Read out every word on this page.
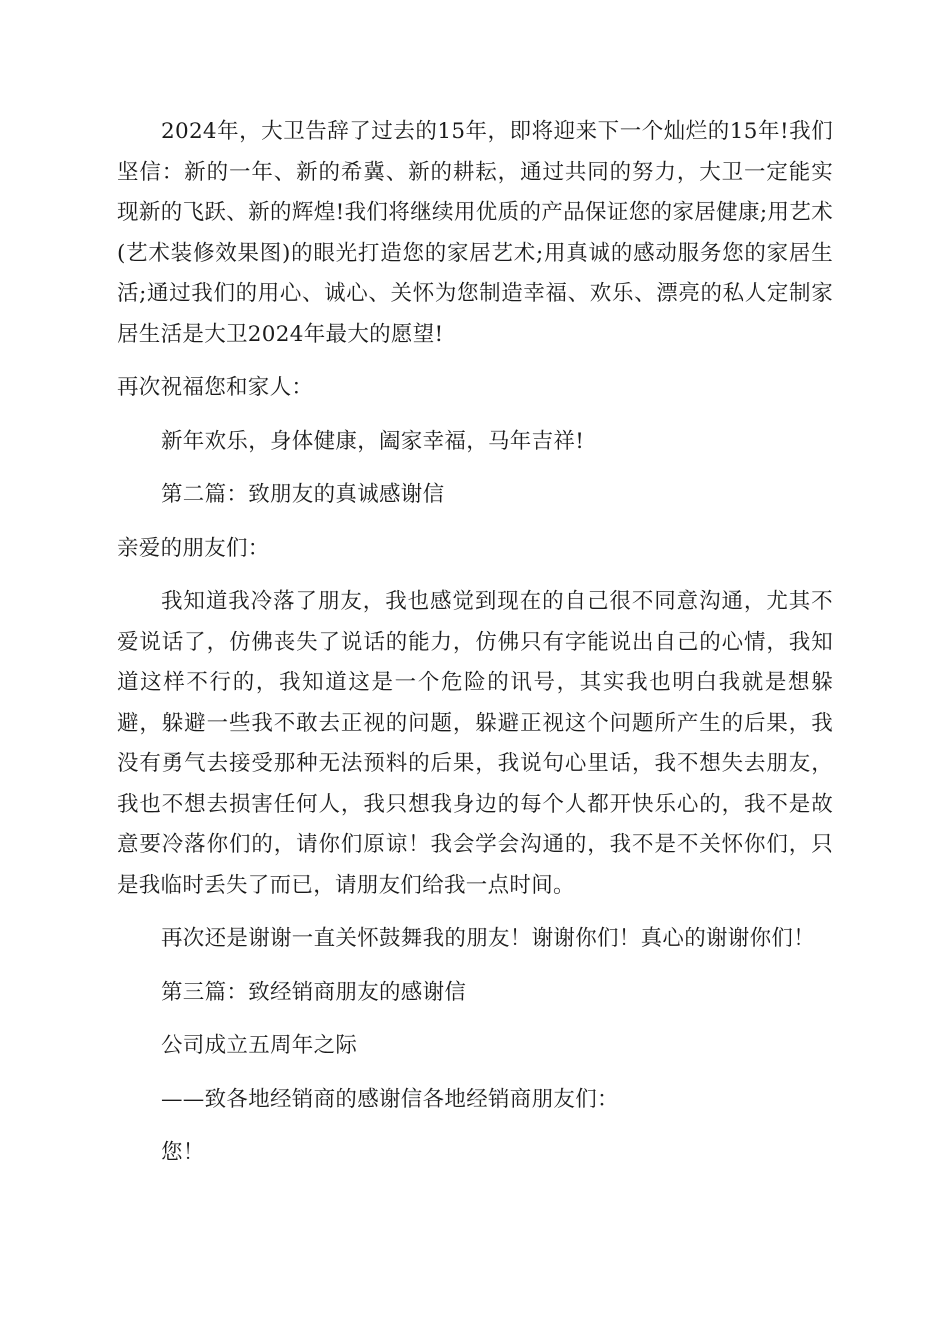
2024年，大卫告辞了过去的15年，即将迎来下一个灿烂的15年!我们坚信：新的一年、新的希冀、新的耕耘，通过共同的努力，大卫一定能实现新的飞跃、新的辉煌!我们将继续用优质的产品保证您的家居健康;用艺术(艺术装修效果图)的眼光打造您的家居艺术;用真诚的感动服务您的家居生活;通过我们的用心、诚心、关怀为您制造幸福、欢乐、漂亮的私人定制家居生活是大卫2024年最大的愿望!

再次祝福您和家人：

新年欢乐，身体健康，阖家幸福，马年吉祥!

第二篇：致朋友的真诚感谢信

亲爱的朋友们：

我知道我冷落了朋友，我也感觉到现在的自己很不同意沟通，尤其不爱说话了，仿佛丧失了说话的能力，仿佛只有字能说出自己的心情，我知道这样不行的，我知道这是一个危险的讯号，其实我也明白我就是想躲避，躲避一些我不敢去正视的问题，躲避正视这个问题所产生的后果，我没有勇气去接受那种无法预料的后果，我说句心里话，我不想失去朋友，我也不想去损害任何人，我只想我身边的每个人都开快乐心的，我不是故意要冷落你们的，请你们原谅！我会学会沟通的，我不是不关怀你们，只是我临时丢失了而已，请朋友们给我一点时间。

再次还是谢谢一直关怀鼓舞我的朋友！谢谢你们！真心的谢谢你们！

第三篇：致经销商朋友的感谢信

公司成立五周年之际

——致各地经销商的感谢信各地经销商朋友们：

您！
